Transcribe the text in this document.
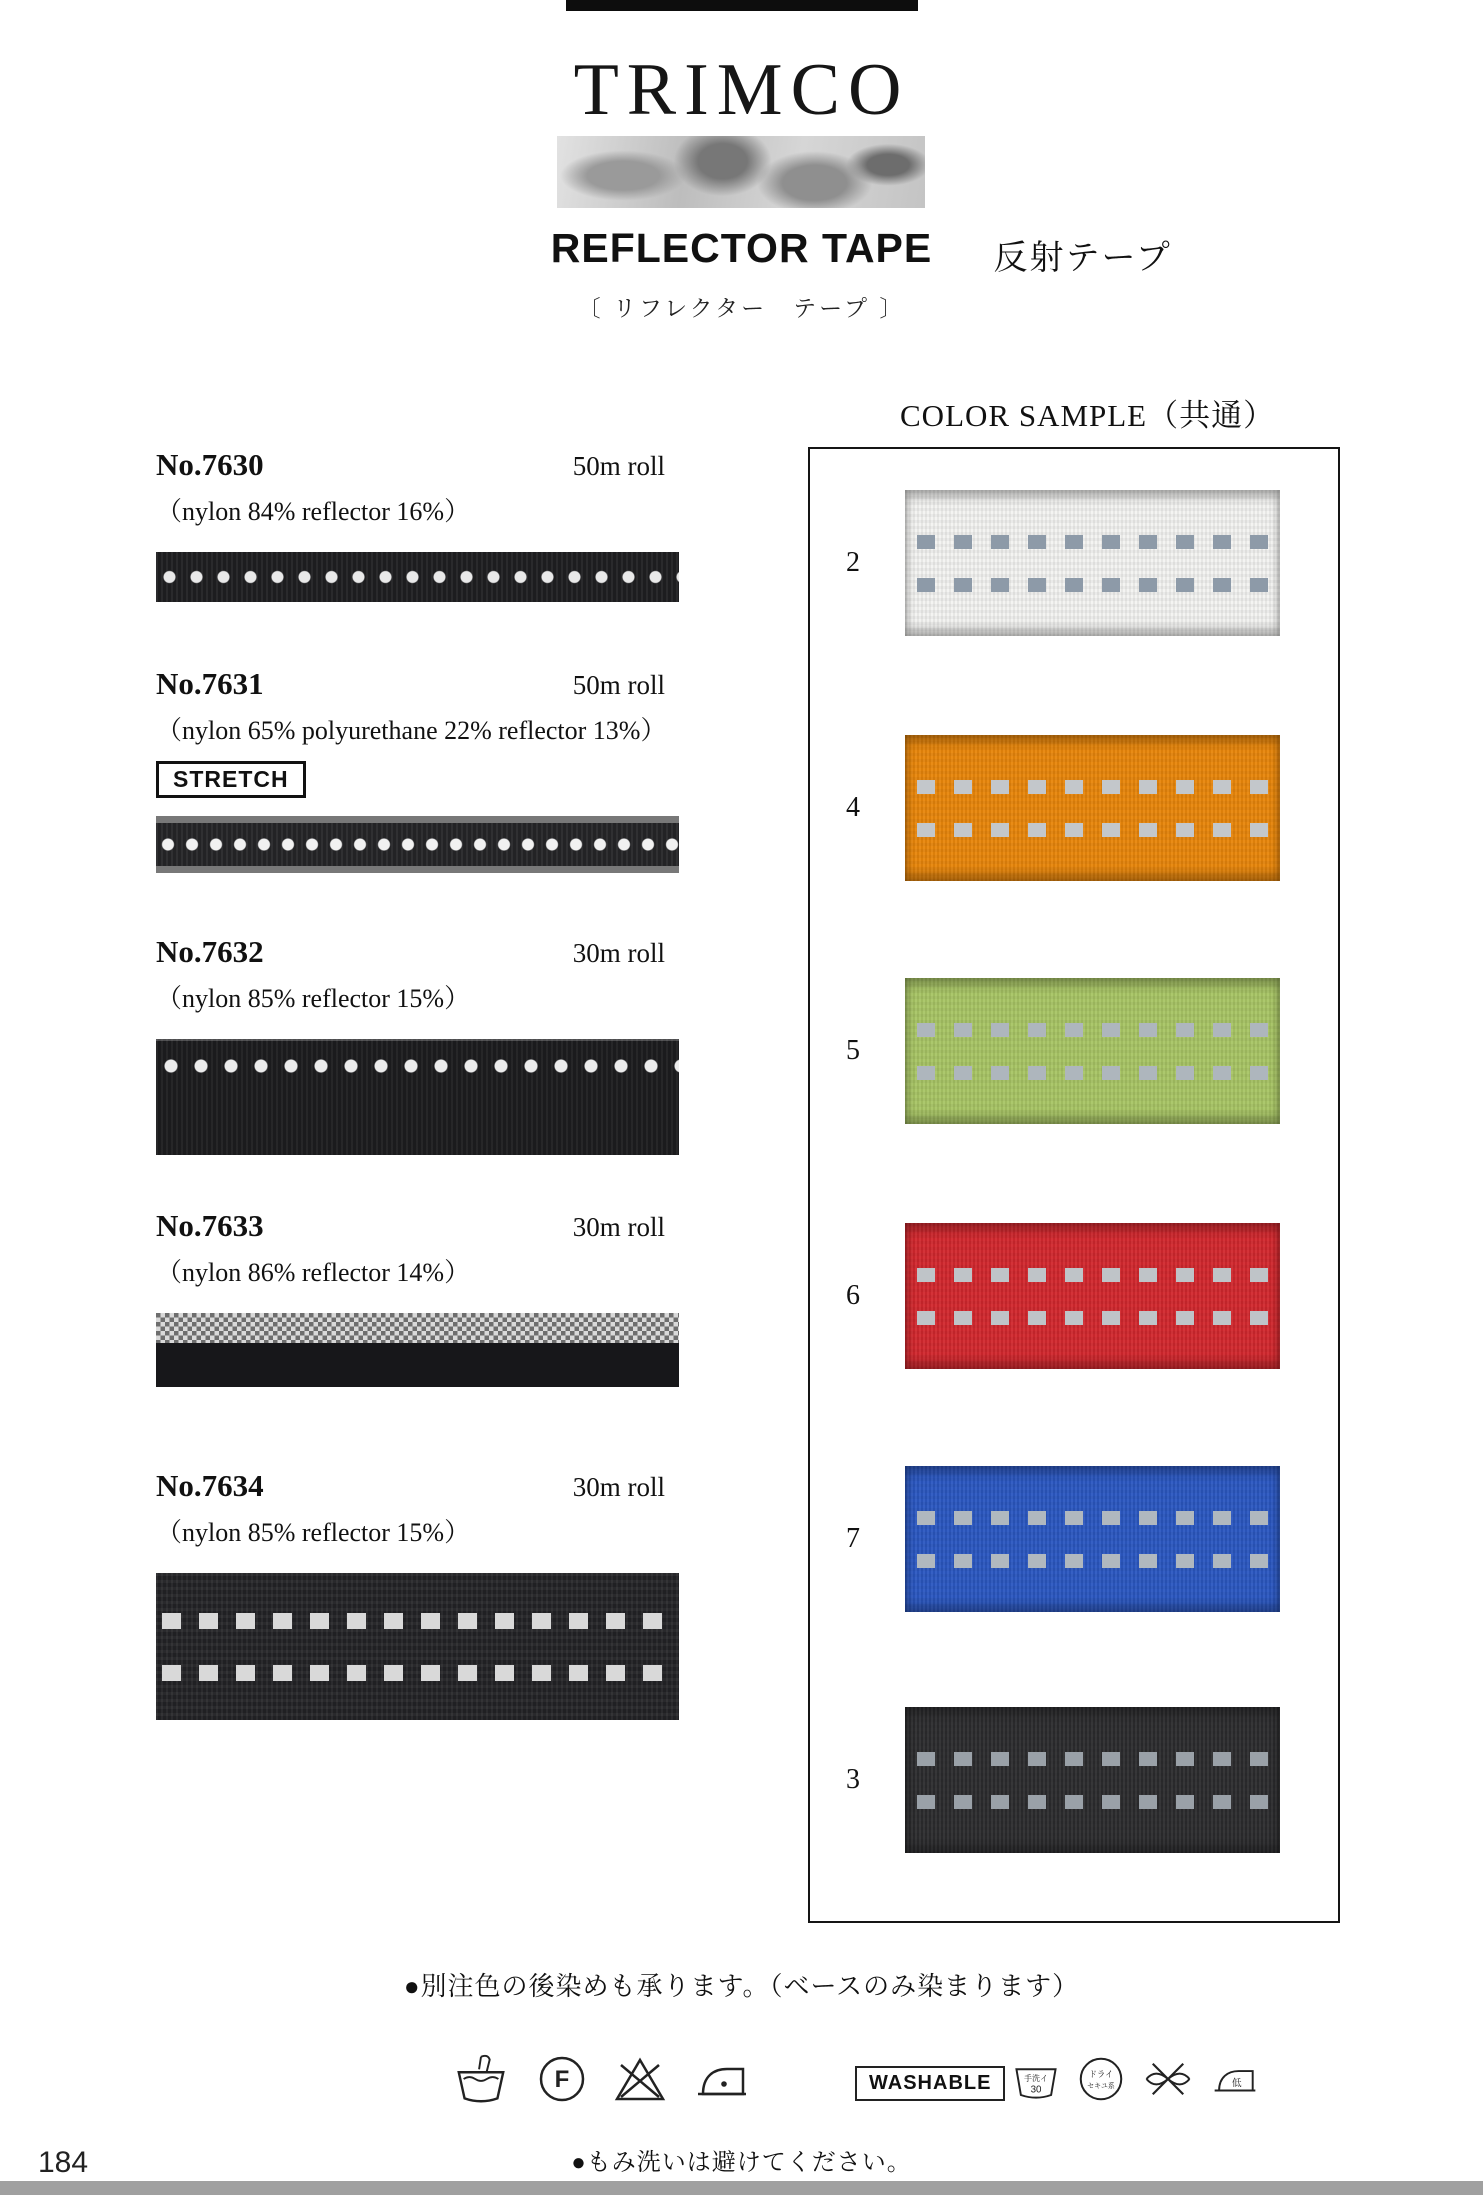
TRIMCO
REFLECTOR TAPE	反射テープ
〔 リフレクター　テープ 〕
No.7630	50m roll
（nylon 84% reflector 16%）
No.7631	50m roll
（nylon 65% polyurethane 22% reflector 13%）
STRETCH
No.7632	30m roll
（nylon 85% reflector 15%）
No.7633	30m roll
（nylon 86% reflector 14%）
No.7634	30m roll
（nylon 85% reflector 15%）
COLOR SAMPLE（共通）
2
4
5
6
7
3
●別注色の後染めも承ります。（ベースのみ染まります）
F	WASHABLE	手洗イ
30
ドライ
セキユ系	低
●もみ洗いは避けてください。
184
